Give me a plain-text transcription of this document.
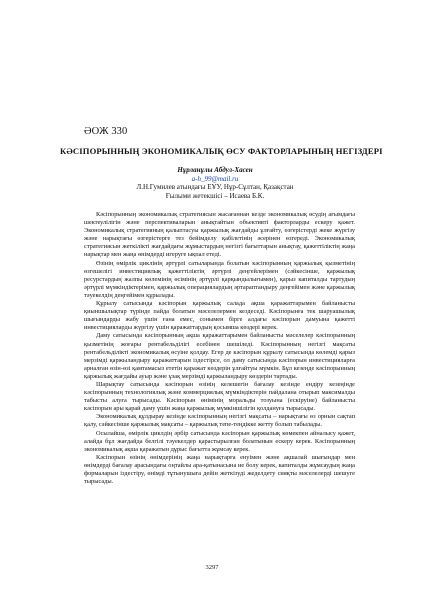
ӘОЖ 330
КӘСІПОРЫННЫҢ ЭКОНОМИКАЛЫҚ ӨСУ ФАКТОРЛАРЫНЫҢ НЕГІЗДЕРІ
Нұрланұлы Абдул-Хасен
a-h_99@mail.ru
Л.Н.Гумилев атындағы ЕҰУ, Нұр-Сұлтан, Қазақстан
Ғылыми жетекшісі – Исаева Б.К.

Кәсіпорынның экономикалық стратегиясын жасағаннан кезде экономикалық өсудің ағымдағы шектеулілігін және перспективаларын анықтайтын объективті факторларды ескеру қажет. Экономикалық стратегияның қалыптасуы қаржылық жағдайды ұлғайту, өзгерістерді жеке жүргізу және нарықтағы өзгерістерге тез бейімделу қабілетінің әсерінен өзгереді. Экономикалық стратегиясын жеткілікті жағдайдағы жұмыстардың негізгі бағыттарын анықтау, қажеттіліктің жаңа нарықтар мен жаңа өнімдерді игеруге ықпал етеді.

Өзінің өмірлік циклінің әртүрлі сатыларында болатын кәсіпорынның қаржылық қызметінің өзгешелігі инвестициялық қажеттіліктің әртүрлі деңгейлерімен (сәйкесінше, қаржылық ресурстардың жалпы көлемінің өсімінің әртүрлі қарқындылығымен), қарыз капиталды тартудың әртүрлі мүмкіндіктерімен, қаржылық операциялардың әртараптандыру деңгейімен және қаржылық тәуекелдің деңгейімен құрылады.

Құрылу сатысында кәсіпорын қаржылық салада ақша қаражаттарымен байланысты қиыншылықтар түрінде пайда болатын мәселелермен кездеседі. Кәсіпорынға тек шаруашылық шығындарды жабу үшін ғана емес, сонымен бірге алдағы кәсіпорын дамуына қажетті инвестицияларды жүргізу үшін қаражаттардың қосымша көздері керек.

Даму сатысында кәсіпорынның ақша қаражаттарымен байланысты мәселелер кәсіпорынның қызметінің жоғары рентабельділігі есебінен шешіледі. Кәсіпорынның негізгі мақсаты рентабельділікті экономикалық өсуіне қолдау. Егер де кәсіпорын құрылу сатысында көлемді қарыз мерзімді қаржыландыру қаражаттарын іздестірсе, ол даму сатысында кәсіпорын инвестицияларға арналған өзін-өзі қамтамасыз ететін қаражат көздерін ұлғайтуы мүмкін. Бұл кезеңде кәсіпорынның қаржылық жағдайы ауыр және ұзақ мерзімді қаржыландыру көздерін тартады.

Шарықтау сатысында кәсіпорын өзінің келешегін бағалау кезінде ендіру кезеңінде кәсіпорынның технологиялық және коммерциялық мүмкіндіктерін пайдалана отырып максималды табысты алуға тырысады. Кәсіпорын өнімінің моральды тозуына (ескіруіне) байланысты кәсіпорын ары қарай даму үшін жаңа қаржылық мүмкіншілігін қолдануға тырысады.

Экономикалық құлдырау кезінде кәсіпорынның негізгі мақсаты – нарықтағы өз орнын сақтап қалу, сәйкесінше қаржылық мақсаты – қаржылық тепе-теңдікке жетту болып табылады.

Осылайша, өмірлік циклдің әрбір сатысында кәсіпорын қаржылық көмекпен айналысу қажет, алайда бұл жағдайда белгілі тәуекелдер қарастырылған болатынын ескеру керек. Кәсіпорынның экономикалық ақша қаражатын дұрыс бағытта жұмсау керек.

Кәсіпорын өзінің өнімдерінің жаңа нарықтарға енуімен және ақшалай шығындар мен өнімдерді бағалау арасындағы оңтайлы ара-қатынасына ие болу керек, капиталды жұмсаудың жаңа формаларын іздестіру, өнімді тұтынушыға дейін жеткізуді жеделдету сияқты мәселелерді шешуге тырысады.

3297
